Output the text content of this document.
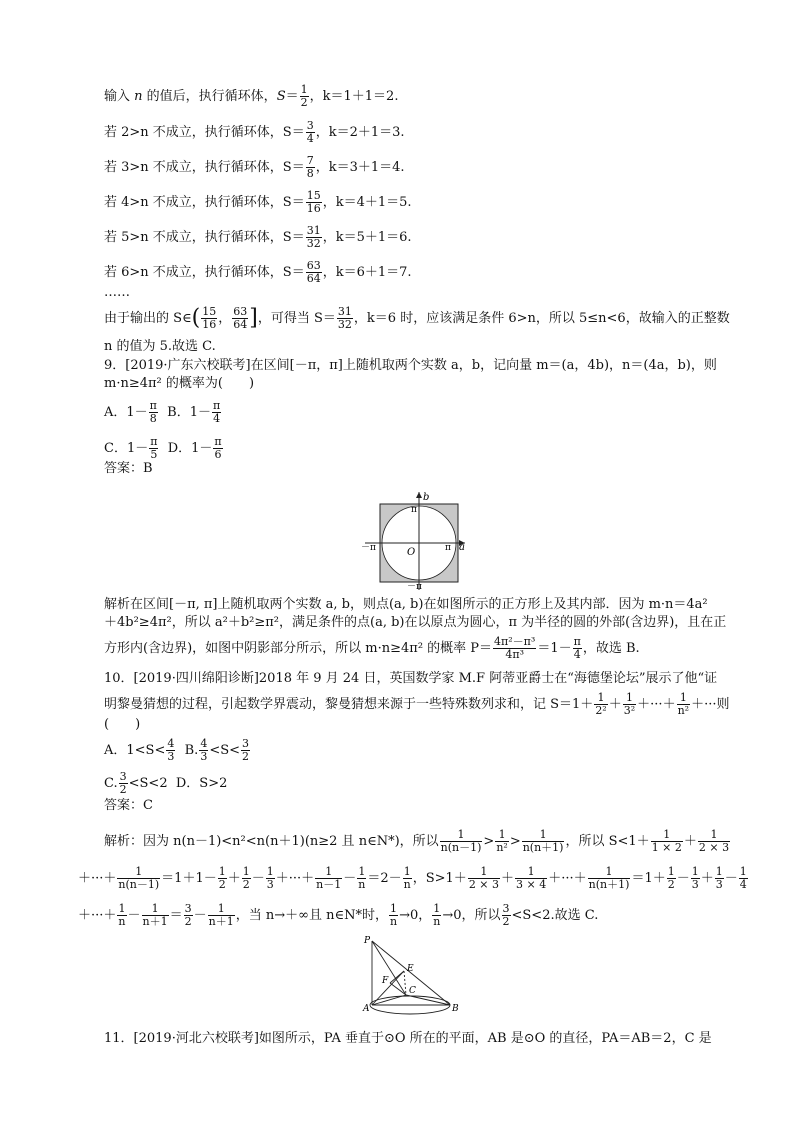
输入 n 的值后，执行循环体，$S= \frac{1}{2}$ ，k＝1＋1＝2.
若 2>n 不成立，执行循环体，$S= \frac{3}{4}$ ，k＝2＋1＝3.
若 3>n 不成立，执行循环体，$S= \frac{7}{8}$ ，k＝3＋1＝4.
若 4>n 不成立，执行循环体，$S= \frac{15}{16}$ ，k＝4＋1＝5.
若 5>n 不成立，执行循环体，$S= \frac{31}{32}$ ，k＝5＋1＝6.
若 6>n 不成立，执行循环体，$S= \frac{63}{64}$ ，k＝6＋1＝7.
……
由于输出的 S∈( $\frac{15}{16}$ ， $\frac{63}{64}$ ]，可得当 $S= \frac{31}{32}$ ，k＝6 时，应该满足条件 6>n，所以 5≤n<6，故输入的正整数
n 的值为 5.故选 C.
9．[2019·广东六校联考]在区间[－π，π]上随机取两个实数 a，b，记向量 m＝(a，4b)，n＝(4a，b)，则
m·n≥4π² 的概率为(　　)
A．$1- \frac{\pi}{8}$ B．$1- \frac{\pi}{4}$
C．$1- \frac{\pi}{5}$ D．$1- \frac{\pi}{6}$
答案：B
b
a
π
π
－π
－π
O
解析在区间[－π, π]上随机取两个实数 a, b，则点(a, b)在如图所示的正方形上及其内部．因为 m·n＝4a²
＋4b²≥4π²，所以 a²＋b²≥π²，满足条件的点(a, b)在以原点为圆心，π 为半径的圆的外部(含边界)，且在正
方形内(含边界)，如图中阴影部分所示，所以 m·n≥4π² 的概率 $P= \frac{\text{4π²－π³}}{\text{4π³}} =1- \frac{\pi}{4}$ ，故选 B.
10．[2019·四川绵阳诊断]2018 年 9 月 24 日，英国数学家 M.F 阿蒂亚爵士在“海德堡论坛”展示了他“证
明黎曼猜想的过程，引起数学界震动，黎曼猜想来源于一些特殊数列求和，记 $S=1+ \frac{1}{\text{2²}} + \frac{1}{\text{3²}}$ ＋···＋ $\frac{1}{\text{n²}}$ ＋···则
(　　)
A．$1<S< \frac{4}{3} B$. $\frac{4}{3} <S< \frac{3}{2}$
C. $\frac{3}{2} <S<2$ D．S>2
答案：C
解析：因为 n(n－1)<n²<n(n＋1)(n≥2 且 n∈N*)，所以 $\frac{1}{n(n-1)} > \frac{1}{\text{n²}} > \frac{1}{n(n+1)}$ ，所以 $S<1+ \frac{1}{1 \times 2} + \frac{1}{2 \times 3}$
＋···＋ $\frac{1}{n(n-1)} =1+1- \frac{1}{2} + \frac{1}{2} - \frac{1}{3}$ ＋···＋ $\frac{1}{n-1} - \frac{1}{n} =2- \frac{1}{n}$ ，$S>1+ \frac{1}{2 \times 3} + \frac{1}{3 \times 4}$ ＋···＋ $\frac{1}{n(n+1)} =1+ \frac{1}{2} - \frac{1}{3} + \frac{1}{3} - \frac{1}{4}$
＋···＋ $\frac{1}{n} - \frac{1}{n+1} = \frac{3}{2} - \frac{1}{n+1}$ ，当 n→＋∞且 n∈N*时， $\frac{1}{n} \to 0$， $\frac{1}{n} \to 0$，所以 $\frac{3}{2} <S<2$.故选 C.
P
E
F
C
A	B
11．[2019·河北六校联考]如图所示，PA 垂直于⊙O 所在的平面，AB 是⊙O 的直径，PA＝AB＝2，C 是
